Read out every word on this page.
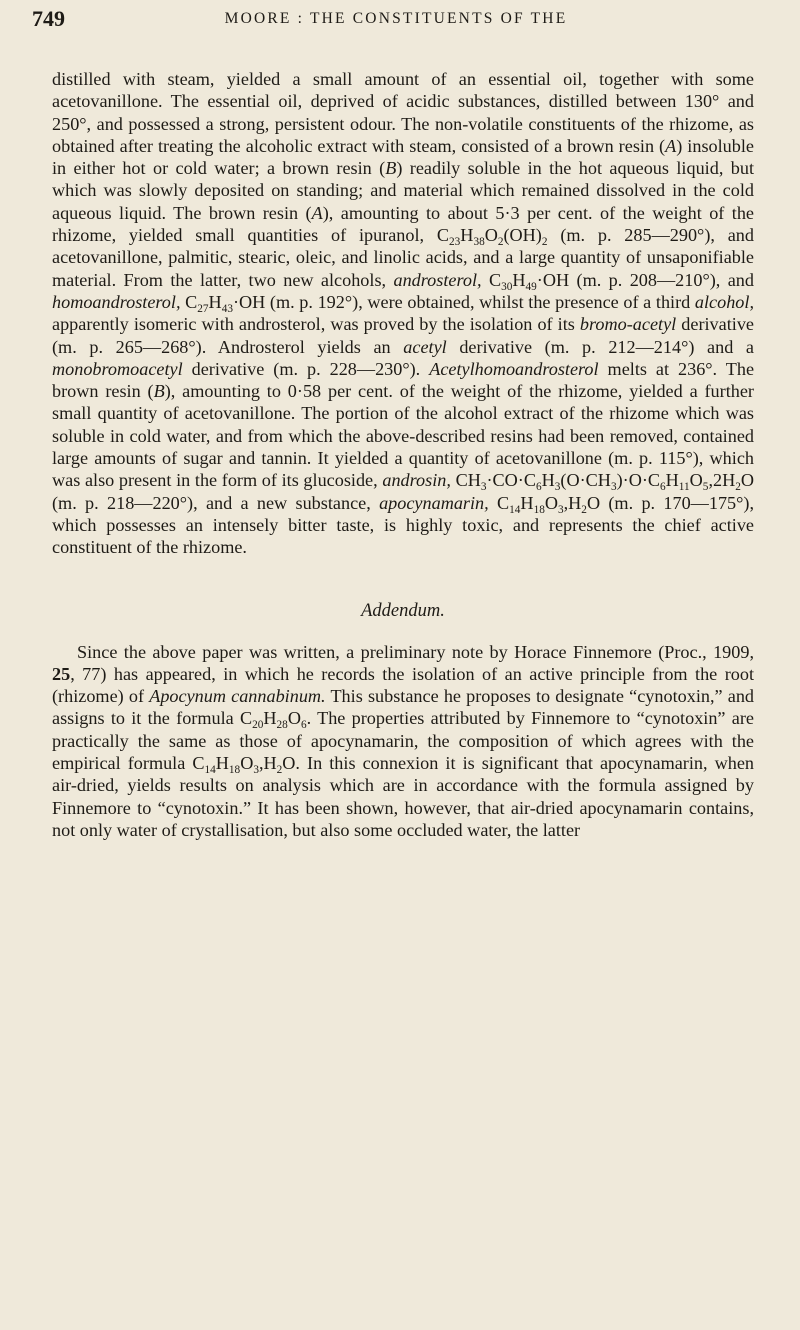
749	MOORE : THE CONSTITUENTS OF THE

distilled with steam, yielded a small amount of an essential oil, together with some acetovanillone. The essential oil, deprived of acidic substances, distilled between 130° and 250°, and possessed a strong, persistent odour. The non-volatile constituents of the rhizome, as obtained after treating the alcoholic extract with steam, consisted of a brown resin (A) insoluble in either hot or cold water; a brown resin (B) readily soluble in the hot aqueous liquid, but which was slowly deposited on standing; and material which remained dissolved in the cold aqueous liquid. The brown resin (A), amounting to about 5·3 per cent. of the weight of the rhizome, yielded small quantities of ipuranol, $C_{23}H_{38}O_2(OH)_2$ (m. p. 285—290°), and acetovanillone, palmitic, stearic, oleic, and linolic acids, and a large quantity of unsaponifiable material. From the latter, two new alcohols, androsterol, $C_{30}H_{49}\cdot OH$ (m. p. 208—210°), and homoandrosterol, $C_{27}H_{43}\cdot OH$ (m. p. 192°), were obtained, whilst the presence of a third alcohol, apparently isomeric with androsterol, was proved by the isolation of its bromo-acetyl derivative (m. p. 265—268°). Androsterol yields an acetyl derivative (m. p. 212—214°) and a monobromoacetyl derivative (m. p. 228—230°). Acetylhomoandrosterol melts at 236°. The brown resin (B), amounting to 0·58 per cent. of the weight of the rhizome, yielded a further small quantity of acetovanillone. The portion of the alcohol extract of the rhizome which was soluble in cold water, and from which the above-described resins had been removed, contained large amounts of sugar and tannin. It yielded a quantity of acetovanillone (m. p. 115°), which was also present in the form of its glucoside, androsin, $CH_3\cdot CO\cdot C_6H_3(O\cdot CH_3)\cdot O\cdot C_6H_{11}O_5,2H_2O$ (m. p. 218—220°), and a new substance, apocynamarin, $C_{14}H_{18}O_3,H_2O$ (m. p. 170—175°), which possesses an intensely bitter taste, is highly toxic, and represents the chief active constituent of the rhizome.

Addendum.

Since the above paper was written, a preliminary note by Horace Finnemore (Proc., 1909, 25, 77) has appeared, in which he records the isolation of an active principle from the root (rhizome) of Apocynum cannabinum. This substance he proposes to designate “cynotoxin,” and assigns to it the formula $C_{20}H_{28}O_6$. The properties attributed by Finnemore to “cynotoxin” are practically the same as those of apocynamarin, the composition of which agrees with the empirical formula $C_{14}H_{18}O_3,H_2O$. In this connexion it is significant that apocynamarin, when air-dried, yields results on analysis which are in accordance with the formula assigned by Finnemore to “cynotoxin.” It has been shown, however, that air-dried apocynamarin contains, not only water of crystallisation, but also some occluded water, the latter
